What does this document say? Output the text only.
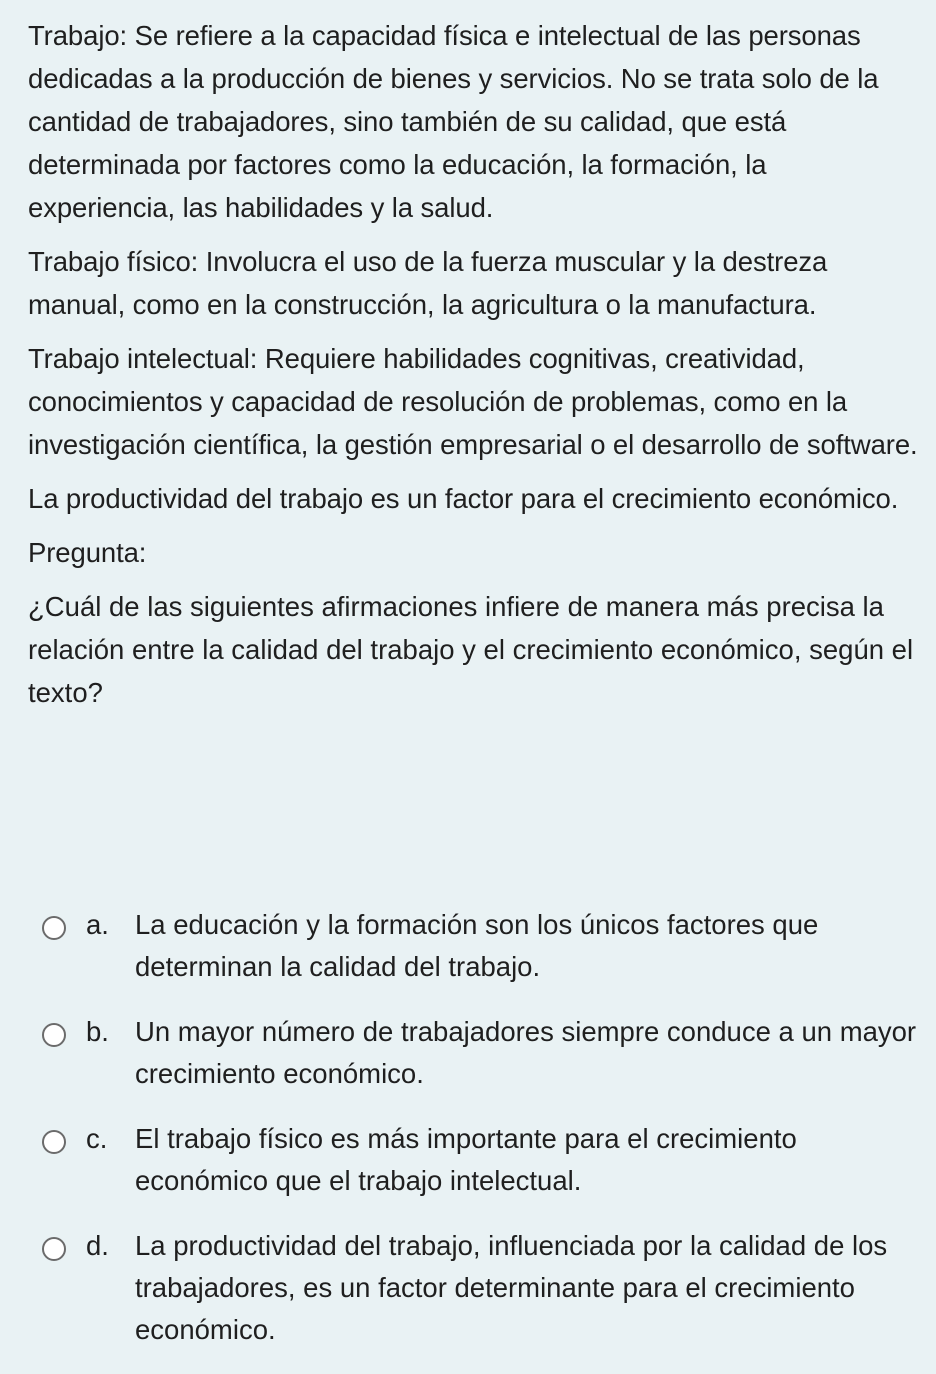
Trabajo: Se refiere a la capacidad física e intelectual de las personas dedicadas a la producción de bienes y servicios. No se trata solo de la cantidad de trabajadores, sino también de su calidad, que está determinada por factores como la educación, la formación, la experiencia, las habilidades y la salud.

Trabajo físico: Involucra el uso de la fuerza muscular y la destreza manual, como en la construcción, la agricultura o la manufactura.

Trabajo intelectual: Requiere habilidades cognitivas, creatividad, conocimientos y capacidad de resolución de problemas, como en la investigación científica, la gestión empresarial o el desarrollo de software.

La productividad del trabajo es un factor para el crecimiento económico.

Pregunta:

¿Cuál de las siguientes afirmaciones infiere de manera más precisa la relación entre la calidad del trabajo y el crecimiento económico, según el texto?

a. La educación y la formación son los únicos factores que determinan la calidad del trabajo.
b. Un mayor número de trabajadores siempre conduce a un mayor crecimiento económico.
c. El trabajo físico es más importante para el crecimiento económico que el trabajo intelectual.
d. La productividad del trabajo, influenciada por la calidad de los trabajadores, es un factor determinante para el crecimiento económico.
